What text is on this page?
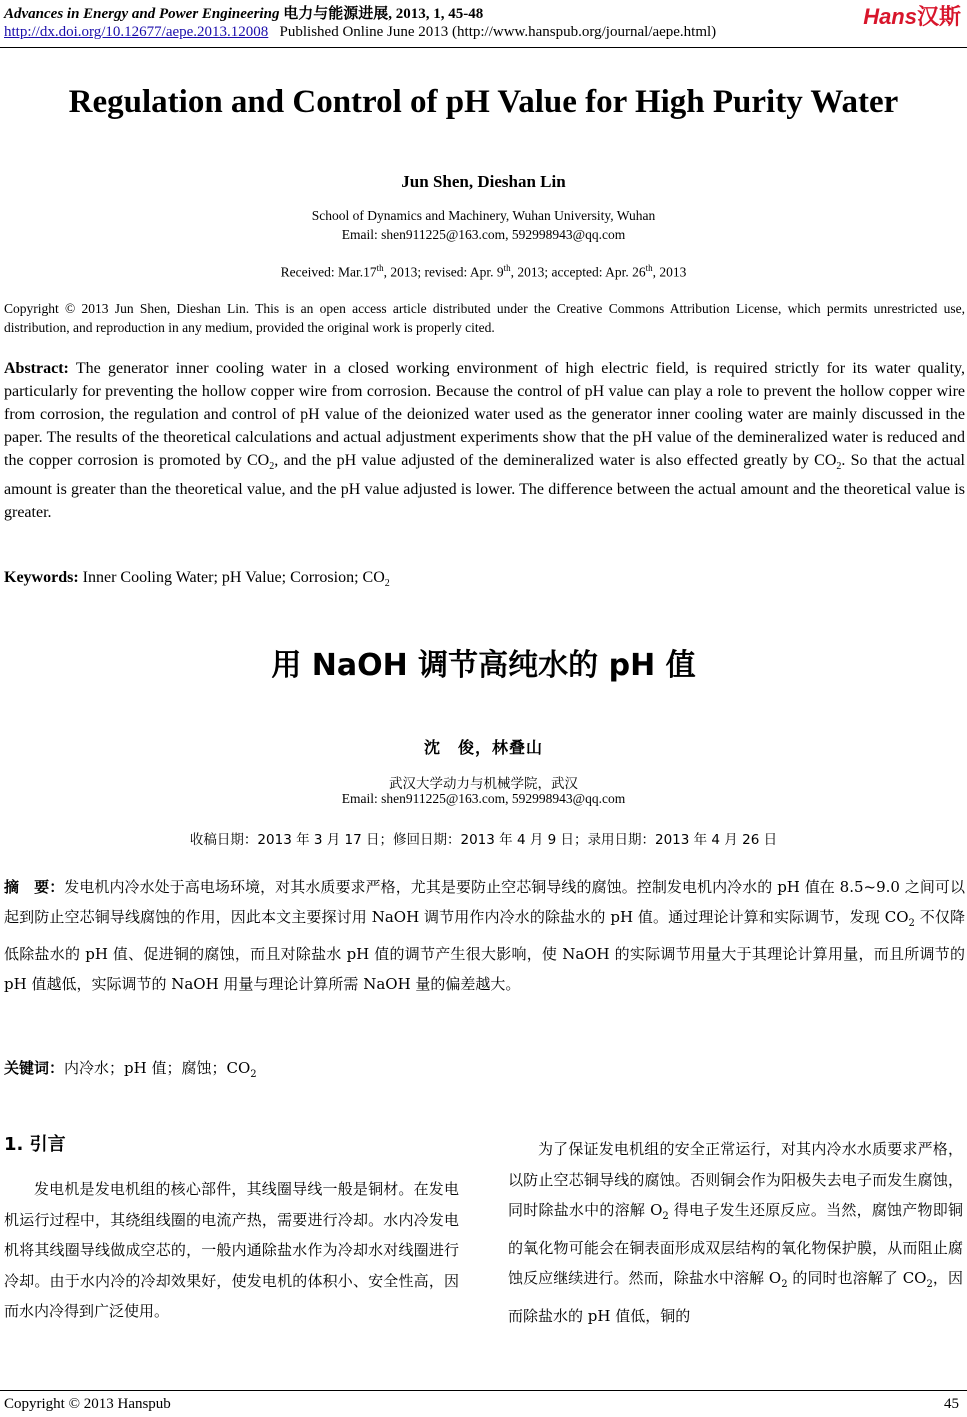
Advances in Energy and Power Engineering 电力与能源进展, 2013, 1, 45-48
http://dx.doi.org/10.12677/aepe.2013.12008 Published Online June 2013 (http://www.hanspub.org/journal/aepe.html)
Hans汉斯
Regulation and Control of pH Value for High Purity Water
Jun Shen, Dieshan Lin
School of Dynamics and Machinery, Wuhan University, Wuhan
Email: shen911225@163.com, 592998943@qq.com
Received: Mar.17th, 2013; revised: Apr. 9th, 2013; accepted: Apr. 26th, 2013
Copyright © 2013 Jun Shen, Dieshan Lin. This is an open access article distributed under the Creative Commons Attribution License, which permits unrestricted use, distribution, and reproduction in any medium, provided the original work is properly cited.
Abstract: The generator inner cooling water in a closed working environment of high electric field, is required strictly for its water quality, particularly for preventing the hollow copper wire from corrosion. Because the control of pH value can play a role to prevent the hollow copper wire from corrosion, the regulation and control of pH value of the deionized water used as the generator inner cooling water are mainly discussed in the paper. The results of the theoretical calculations and actual adjustment experiments show that the pH value of the demineralized water is reduced and the copper corrosion is promoted by $CO_2$, and the pH value adjusted of the demineralized water is also effected greatly by $CO_2$. So that the actual amount is greater than the theoretical value, and the pH value adjusted is lower. The difference between the actual amount and the theoretical value is greater.
Keywords: Inner Cooling Water; pH Value; Corrosion; $CO_2$
用 NaOH 调节高纯水的 pH 值
沈　俊，林叠山
武汉大学动力与机械学院，武汉
Email: shen911225@163.com, 592998943@qq.com
收稿日期：2013 年 3 月 17 日；修回日期：2013 年 4 月 9 日；录用日期：2013 年 4 月 26 日
摘　要：发电机内冷水处于高电场环境，对其水质要求严格，尤其是要防止空芯铜导线的腐蚀。控制发电机内冷水的 pH 值在 8.5~9.0 之间可以起到防止空芯铜导线腐蚀的作用，因此本文主要探讨用 NaOH 调节用作内冷水的除盐水的 pH 值。通过理论计算和实际调节，发现 $CO_2$ 不仅降低除盐水的 pH 值、促进铜的腐蚀，而且对除盐水 pH 值的调节产生很大影响，使 NaOH 的实际调节用量大于其理论计算用量，而且所调节的 pH 值越低，实际调节的 NaOH 用量与理论计算所需 NaOH 量的偏差越大。
关键词：内冷水；pH 值；腐蚀；$CO_2$
1. 引言
发电机是发电机组的核心部件，其线圈导线一般是铜材。在发电机运行过程中，其绕组线圈的电流产热，需要进行冷却。水内冷发电机将其线圈导线做成空芯的，一般内通除盐水作为冷却水对线圈进行冷却。由于水内冷的冷却效果好，使发电机的体积小、安全性高，因而水内冷得到广泛使用。
为了保证发电机组的安全正常运行，对其内冷水水质要求严格，以防止空芯铜导线的腐蚀。否则铜会作为阳极失去电子而发生腐蚀，同时除盐水中的溶解 $O_2$ 得电子发生还原反应。当然，腐蚀产物即铜的氧化物可能会在铜表面形成双层结构的氧化物保护膜，从而阻止腐蚀反应继续进行。然而，除盐水中溶解 $O_2$ 的同时也溶解了 $CO_2$，因而除盐水的 pH 值低，铜的
Copyright © 2013 Hanspub	45
